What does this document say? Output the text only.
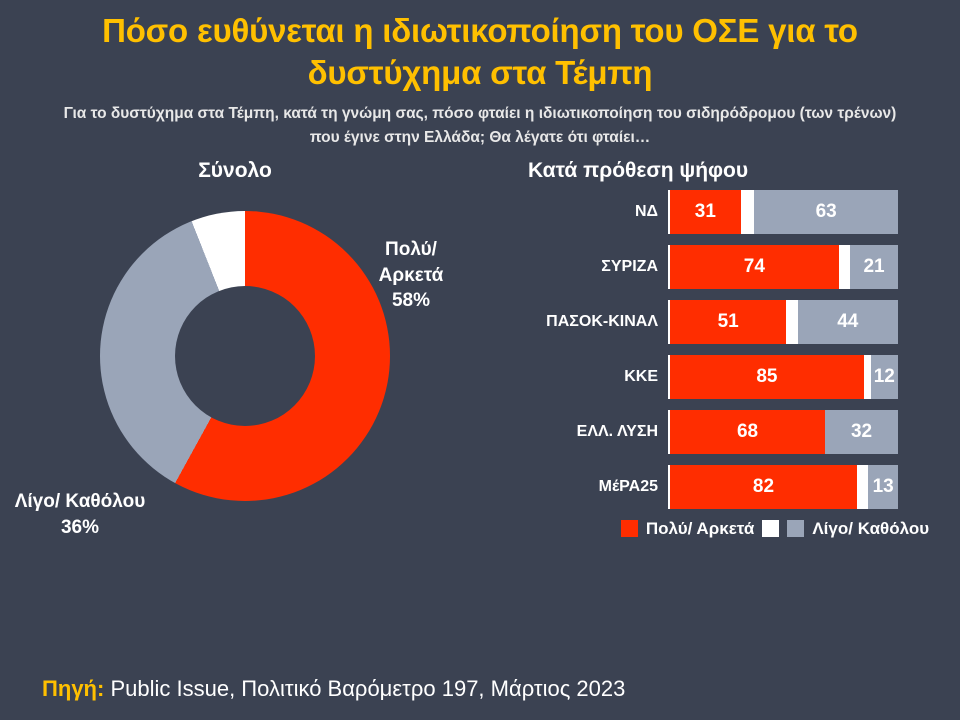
Πόσο ευθύνεται η ιδιωτικοποίηση του ΟΣΕ για το δυστύχημα στα Τέμπη
Για το δυστύχημα στα Τέμπη, κατά τη γνώμη σας, πόσο φταίει η ιδιωτικοποίηση του σιδηρόδρομου (των τρένων) που έγινε στην Ελλάδα; Θα λέγατε ότι φταίει…
Σύνολο
Πολύ/ Αρκετά
58%
Λίγο/ Καθόλου
36%
Κατά πρόθεση ψήφου
ΝΔ	31	63
ΣΥΡΙΖΑ	74	21
ΠΑΣΟΚ-ΚΙΝΑΛ	51	44
ΚΚΕ	85	12
ΕΛΛ. ΛΥΣΗ	68	32
ΜέΡΑ25	82	13
Πολύ/ Αρκετά	Λίγο/ Καθόλου
Πηγή: Public Issue, Πολιτικό Βαρόμετρο 197, Μάρτιος 2023
